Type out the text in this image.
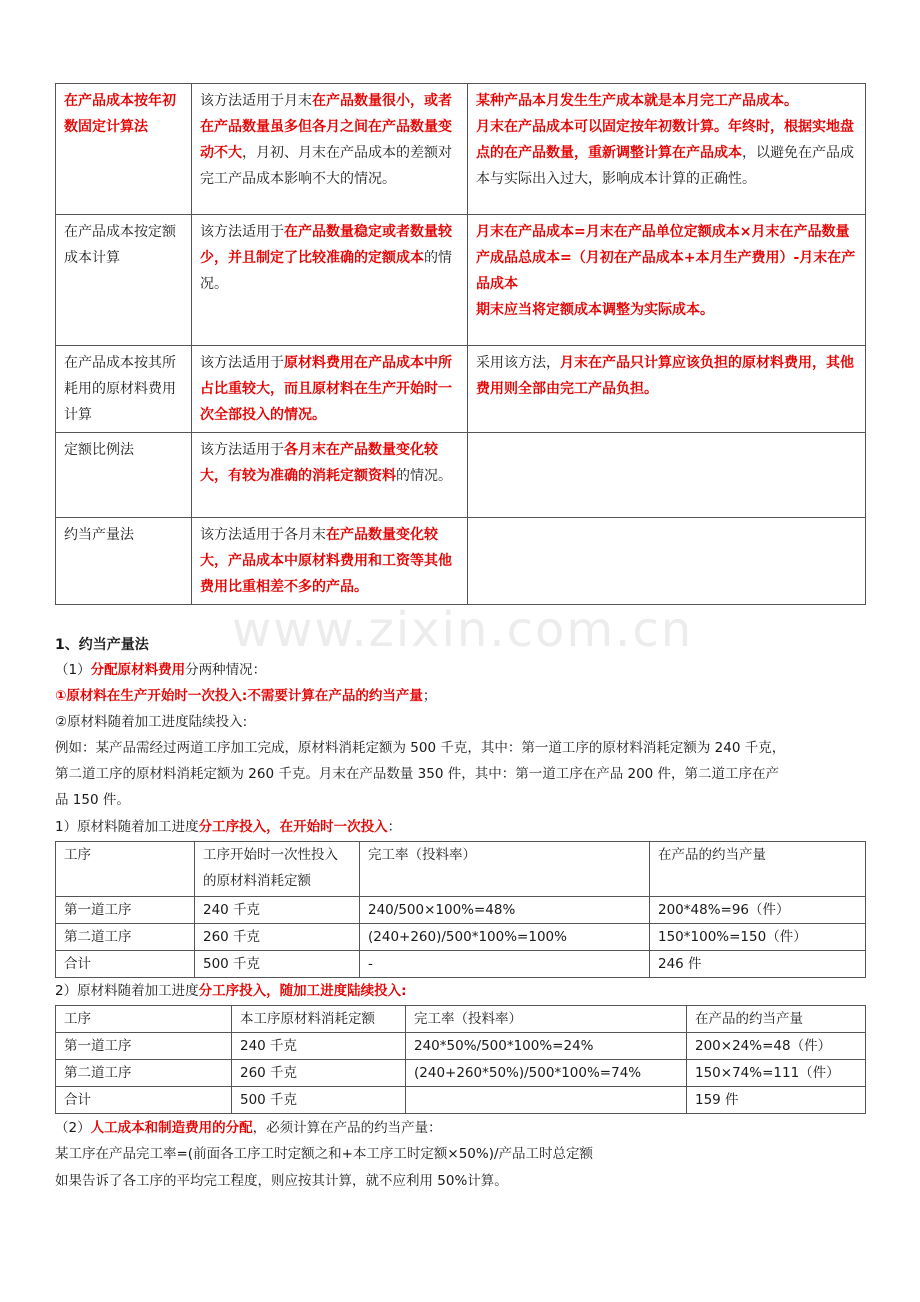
www.zixin.com.cn
在产品成本按年初数固定计算法	该方法适用于月末在产品数量很小，或者在产品数量虽多但各月之间在产品数量变动不大，月初、月末在产品成本的差额对完工产品成本影响不大的情况。	某种产品本月发生生产成本就是本月完工产品成本。
月末在产品成本可以固定按年初数计算。年终时，根据实地盘点的在产品数量，重新调整计算在产品成本，以避免在产品成本与实际出入过大，影响成本计算的正确性。
在产品成本按定额成本计算	该方法适用于在产品数量稳定或者数量较少，并且制定了比较准确的定额成本的情况。	月末在产品成本=月末在产品单位定额成本×月末在产品数量
产成品总成本=（月初在产品成本+本月生产费用）-月末在产品成本
期末应当将定额成本调整为实际成本。

在产品成本按其所耗用的原材料费用计算	该方法适用于原材料费用在产品成本中所占比重较大，而且原材料在生产开始时一次全部投入的情况。	采用该方法，月末在产品只计算应该负担的原材料费用，其他费用则全部由完工产品负担。
定额比例法	该方法适用于各月末在产品数量变化较大，有较为准确的消耗定额资料的情况。	
约当产量法	该方法适用于各月末在产品数量变化较大，产品成本中原材料费用和工资等其他费用比重相差不多的产品。	
1、约当产量法
（1）分配原材料费用分两种情况：
①原材料在生产开始时一次投入:不需要计算在产品的约当产量；
②原材料随着加工进度陆续投入:
例如：某产品需经过两道工序加工完成，原材料消耗定额为 500 千克，其中：第一道工序的原材料消耗定额为 240 千克，
第二道工序的原材料消耗定额为 260 千克。月末在产品数量 350 件，其中：第一道工序在产品 200 件，第二道工序在产
品 150 件。
1）原材料随着加工进度分工序投入，在开始时一次投入：
工序	工序开始时一次性投入的原材料消耗定额	完工率（投料率）	在产品的约当产量
第一道工序	240 千克	240/500×100%=48%	200*48%=96（件）
第二道工序	260 千克	(240+260)/500*100%=100%	150*100%=150（件）
合计	500 千克	-	246 件
2）原材料随着加工进度分工序投入，随加工进度陆续投入:
工序	本工序原材料消耗定额	完工率（投料率）	在产品的约当产量
第一道工序	240 千克	240*50%/500*100%=24%	200×24%=48（件）
第二道工序	260 千克	(240+260*50%)/500*100%=74%	150×74%=111（件）
合计	500 千克		159 件
（2）人工成本和制造费用的分配，必须计算在产品的约当产量：
某工序在产品完工率=(前面各工序工时定额之和+本工序工时定额×50%)/产品工时总定额
如果告诉了各工序的平均完工程度，则应按其计算，就不应利用 50%计算。
